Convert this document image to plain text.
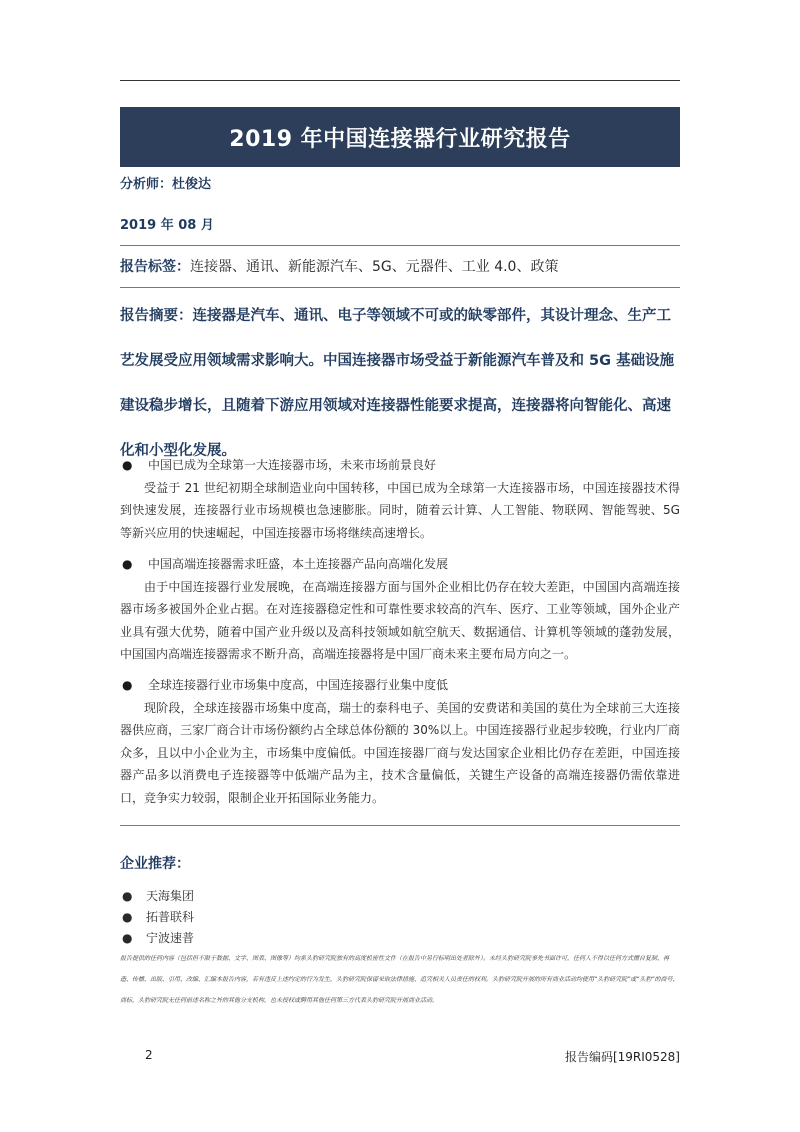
2019 年中国连接器行业研究报告
分析师：杜俊达
2019 年 08 月
报告标签：连接器、通讯、新能源汽车、5G、元器件、工业 4.0、政策
报告摘要：连接器是汽车、通讯、电子等领域不可或的缺零部件，其设计理念、生产工艺发展受应用领域需求影响大。中国连接器市场受益于新能源汽车普及和 5G 基础设施建设稳步增长，且随着下游应用领域对连接器性能要求提高，连接器将向智能化、高速化和小型化发展。
● 中国已成为全球第一大连接器市场，未来市场前景良好
受益于 21 世纪初期全球制造业向中国转移，中国已成为全球第一大连接器市场，中国连接器技术得到快速发展，连接器行业市场规模也急速膨胀。同时，随着云计算、人工智能、物联网、智能驾驶、5G 等新兴应用的快速崛起，中国连接器市场将继续高速增长。
● 中国高端连接器需求旺盛，本土连接器产品向高端化发展
由于中国连接器行业发展晚，在高端连接器方面与国外企业相比仍存在较大差距，中国国内高端连接器市场多被国外企业占据。在对连接器稳定性和可靠性要求较高的汽车、医疗、工业等领域，国外企业产业具有强大优势，随着中国产业升级以及高科技领域如航空航天、数据通信、计算机等领域的蓬勃发展，中国国内高端连接器需求不断升高，高端连接器将是中国厂商未来主要布局方向之一。
● 全球连接器行业市场集中度高，中国连接器行业集中度低
现阶段，全球连接器市场集中度高，瑞士的泰科电子、美国的安费诺和美国的莫仕为全球前三大连接器供应商，三家厂商合计市场份额约占全球总体份额的 30%以上。中国连接器行业起步较晚，行业内厂商众多，且以中小企业为主，市场集中度偏低。中国连接器厂商与发达国家企业相比仍存在差距，中国连接器产品多以消费电子连接器等中低端产品为主，技术含量偏低，关键生产设备的高端连接器仍需依靠进口，竞争实力较弱，限制企业开拓国际业务能力。
企业推荐：
● 天海集团
● 拓普联科
● 宁波速普
报告提供的任何内容（包括但不限于数据、文字、图表、图像等）均系头豹研究院独有的高度机密性文件（在报告中另行标明出处者除外）。未经头豹研究院事先书面许可，任何人不得以任何方式擅自复制、再造、传播、出版、引用、改编、汇编本报告内容，若有违反上述约定的行为发生，头豹研究院保留采取法律措施、追究相关人员责任的权利。头豹研究院开展的所有商业活动均使用“头豹研究院”或“头豹”的商号、商标，头豹研究院无任何前述名称之外的其他分支机构，也未授权或聘用其他任何第三方代表头豹研究院开展商业活动。
2	报告编码[19RI0528]
